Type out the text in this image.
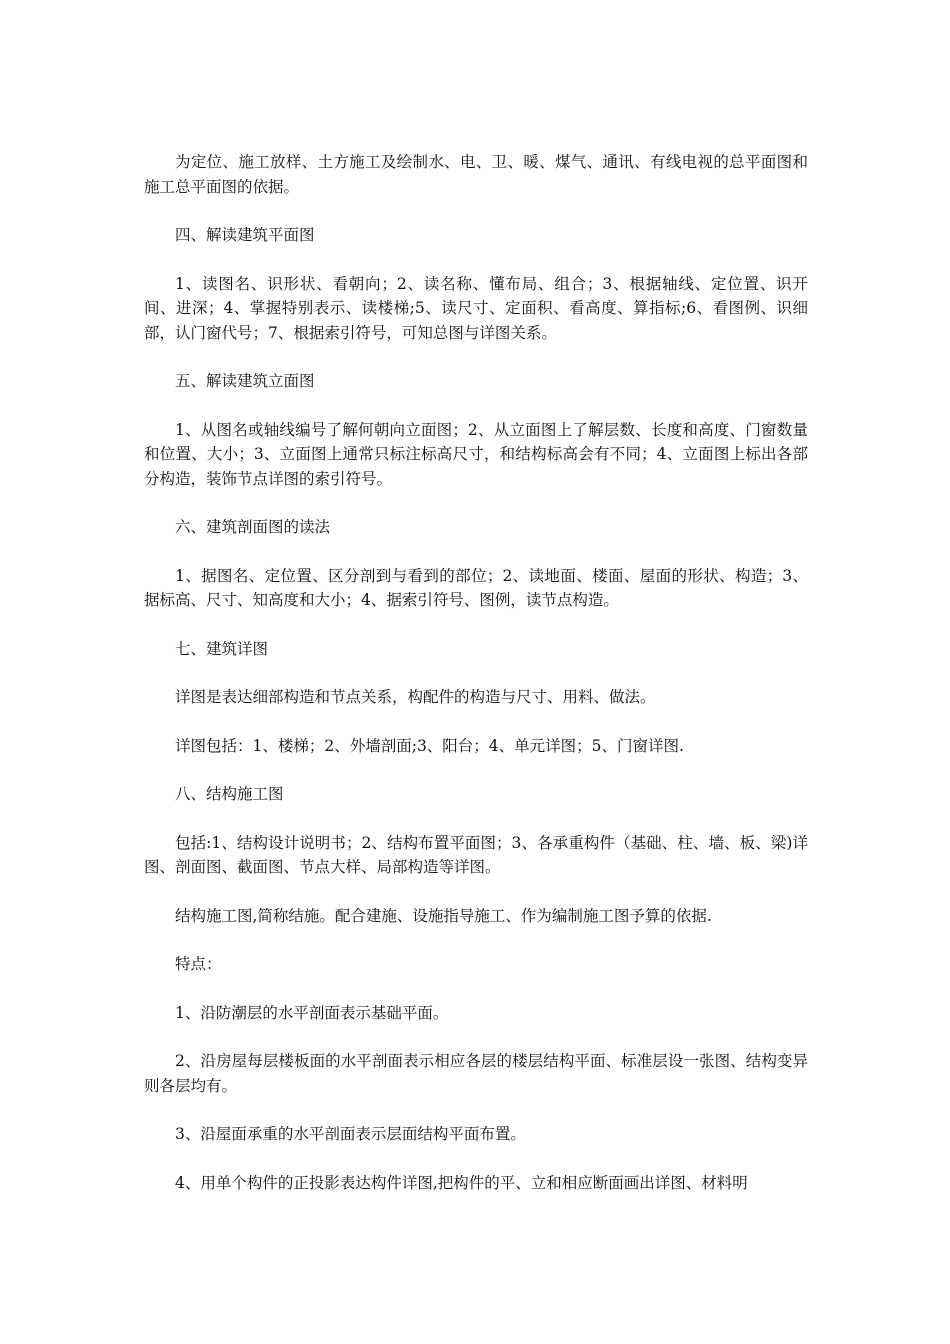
为定位、施工放样、土方施工及绘制水、电、卫、暖、煤气、通讯、有线电视的总平面图和施工总平面图的依据。

四、解读建筑平面图

1、读图名、识形状、看朝向；2、读名称、懂布局、组合；3、根据轴线、定位置、识开间、进深；4、掌握特别表示、读楼梯;5、读尺寸、定面积、看高度、算指标;6、看图例、识细部，认门窗代号；7、根据索引符号，可知总图与详图关系。

五、解读建筑立面图

1、从图名或轴线编号了解何朝向立面图；2、从立面图上了解层数、长度和高度、门窗数量和位置、大小；3、立面图上通常只标注标高尺寸，和结构标高会有不同；4、立面图上标出各部分构造，装饰节点详图的索引符号。

六、建筑剖面图的读法

1、据图名、定位置、区分剖到与看到的部位；2、读地面、楼面、屋面的形状、构造；3、据标高、尺寸、知高度和大小；4、据索引符号、图例，读节点构造。

七、建筑详图

详图是表达细部构造和节点关系，构配件的构造与尺寸、用料、做法。

详图包括：1、楼梯；2、外墙剖面;3、阳台；4、单元详图；5、门窗详图.

八、结构施工图

包括:1、结构设计说明书；2、结构布置平面图；3、各承重构件（基础、柱、墙、板、梁)详图、剖面图、截面图、节点大样、局部构造等详图。

结构施工图,简称结施。配合建施、设施指导施工、作为编制施工图予算的依据.

特点：

1、沿防潮层的水平剖面表示基础平面。

2、沿房屋每层楼板面的水平剖面表示相应各层的楼层结构平面、标准层设一张图、结构变异则各层均有。

3、沿屋面承重的水平剖面表示层面结构平面布置。

4、用单个构件的正投影表达构件详图,把构件的平、立和相应断面画出详图、材料明
